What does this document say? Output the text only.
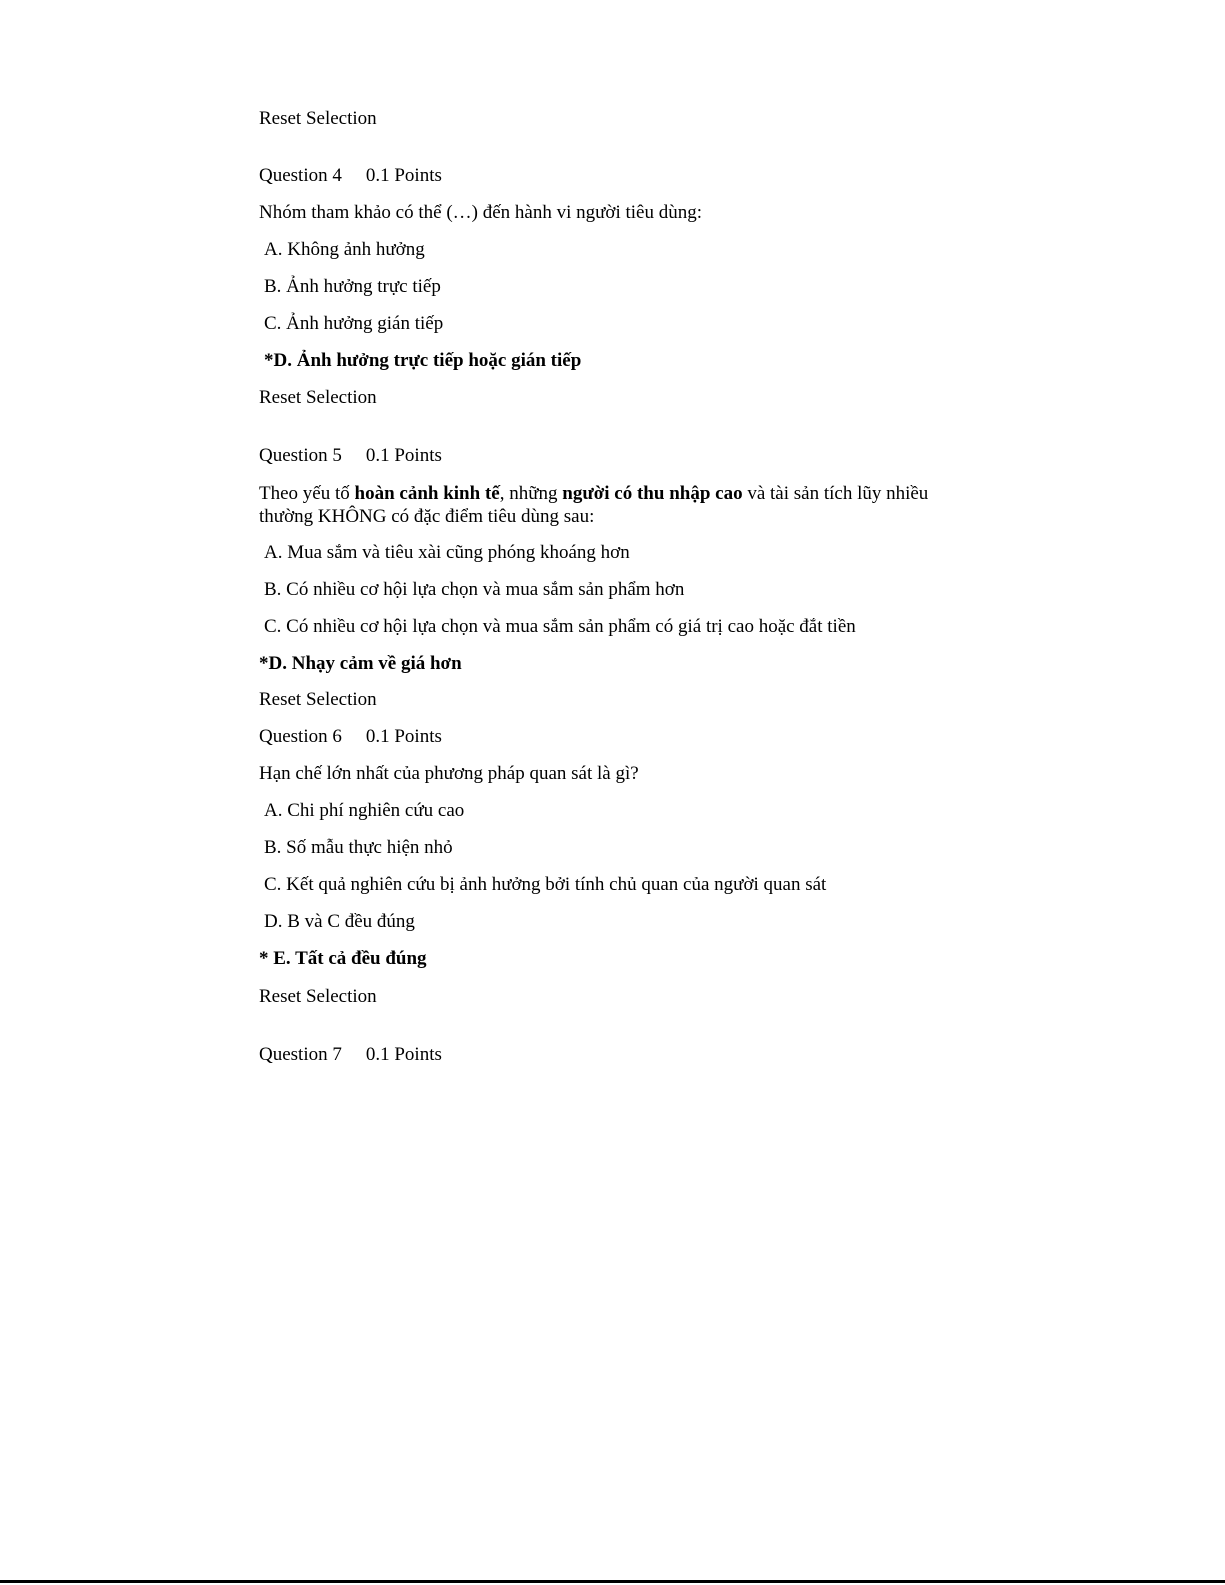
Reset Selection
Question 4 0.1 Points
Nhóm tham khảo có thể (…) đến hành vi người tiêu dùng:
A. Không ảnh hưởng
B. Ảnh hưởng trực tiếp
C. Ảnh hưởng gián tiếp
*D. Ảnh hưởng trực tiếp hoặc gián tiếp
Reset Selection
Question 5 0.1 Points
Theo yếu tố hoàn cảnh kinh tế, những người có thu nhập cao và tài sản tích lũy nhiều thường KHÔNG có đặc điểm tiêu dùng sau:
A. Mua sắm và tiêu xài cũng phóng khoáng hơn
B. Có nhiều cơ hội lựa chọn và mua sắm sản phẩm hơn
C. Có nhiều cơ hội lựa chọn và mua sắm sản phẩm có giá trị cao hoặc đắt tiền
*D. Nhạy cảm về giá hơn
Reset Selection
Question 6 0.1 Points
Hạn chế lớn nhất của phương pháp quan sát là gì?
A. Chi phí nghiên cứu cao
B. Số mẫu thực hiện nhỏ
C. Kết quả nghiên cứu bị ảnh hưởng bởi tính chủ quan của người quan sát
D. B và C đều đúng
* E. Tất cả đều đúng
Reset Selection
Question 7 0.1 Points
